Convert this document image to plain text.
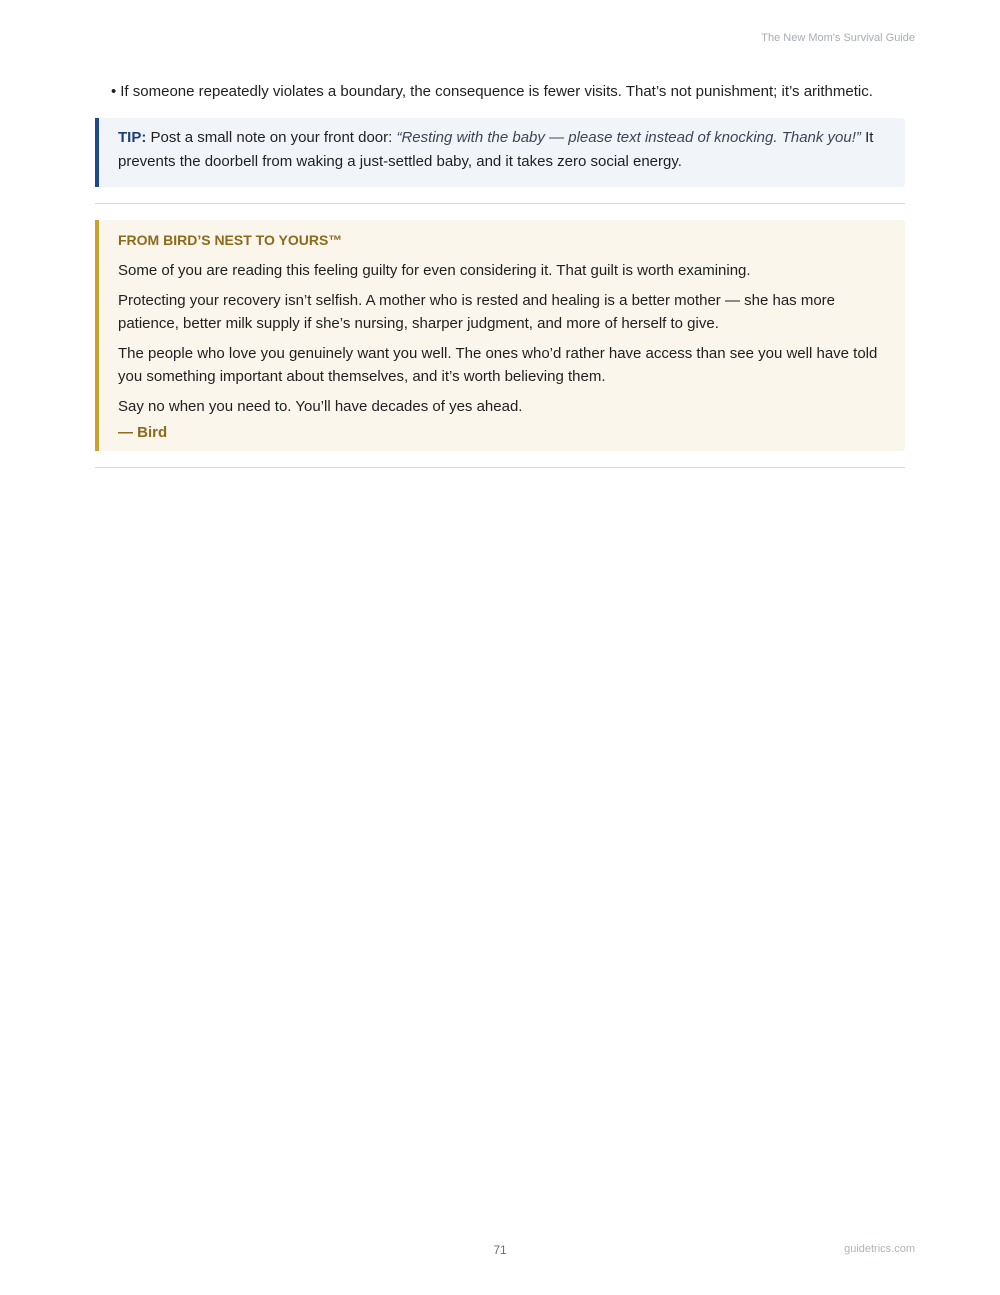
The New Mom's Survival Guide

• If someone repeatedly violates a boundary, the consequence is fewer visits. That’s not punishment; it’s arithmetic.

TIP: Post a small note on your front door: “Resting with the baby — please text instead of knocking. Thank you!” It prevents the doorbell from waking a just-settled baby, and it takes zero social energy.
FROM BIRD’S NEST TO YOURS™

Some of you are reading this feeling guilty for even considering it. That guilt is worth examining.

Protecting your recovery isn’t selfish. A mother who is rested and healing is a better mother — she has more patience, better milk supply if she’s nursing, sharper judgment, and more of herself to give.

The people who love you genuinely want you well. The ones who’d rather have access than see you well have told you something important about themselves, and it’s worth believing them.

Say no when you need to. You’ll have decades of yes ahead.

— Bird

71	guidetrics.com
